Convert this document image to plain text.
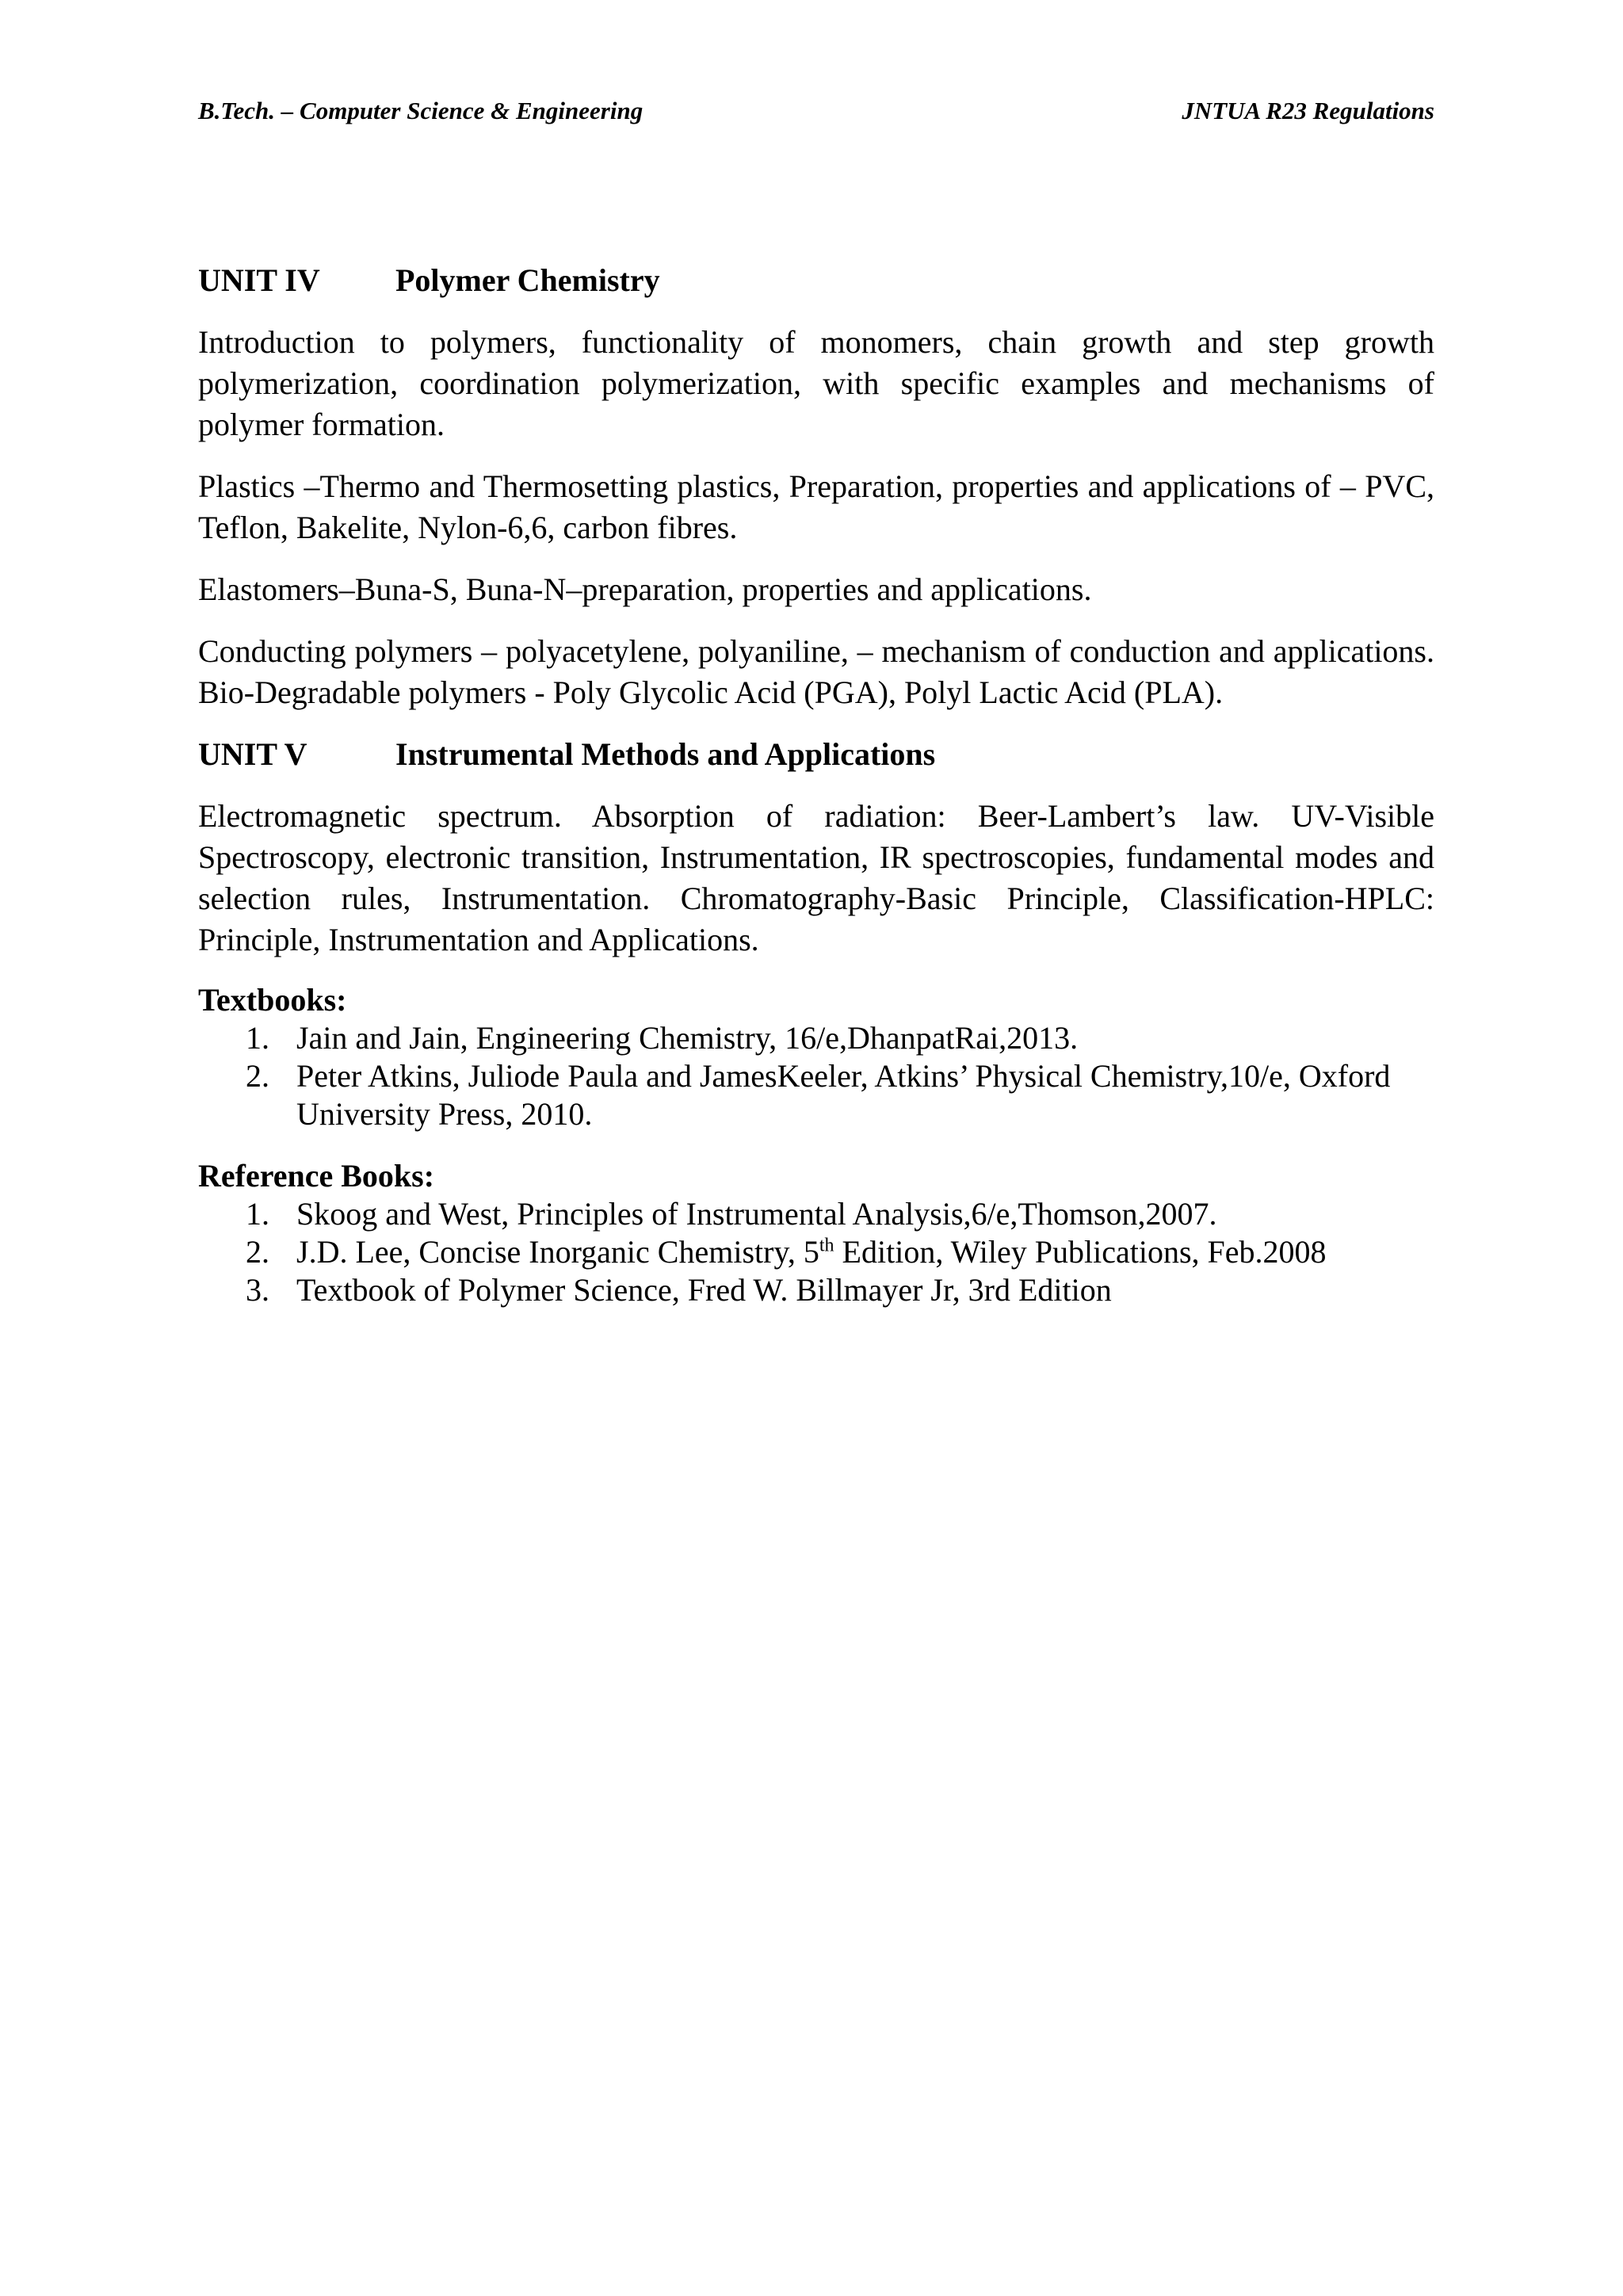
B.Tech. – Computer Science & Engineering	JNTUA R23 Regulations
UNIT IV Polymer Chemistry

Introduction to polymers, functionality of monomers, chain growth and step growth polymerization, coordination polymerization, with specific examples and mechanisms of polymer formation.

Plastics –Thermo and Thermosetting plastics, Preparation, properties and applications of – PVC, Teflon, Bakelite, Nylon-6,6, carbon fibres.

Elastomers–Buna-S, Buna-N–preparation, properties and applications.

Conducting polymers – polyacetylene, polyaniline, – mechanism of conduction and applications. Bio-Degradable polymers - Poly Glycolic Acid (PGA), Polyl Lactic Acid (PLA).

UNIT V	Instrumental Methods and Applications

Electromagnetic spectrum. Absorption of radiation: Beer-Lambert’s law. UV-Visible Spectroscopy, electronic transition, Instrumentation, IR spectroscopies, fundamental modes and selection rules, Instrumentation. Chromatography-Basic Principle, Classification-HPLC: Principle, Instrumentation and Applications.

Textbooks:
1. Jain and Jain, Engineering Chemistry, 16/e,DhanpatRai,2013.
2. Peter Atkins, Juliode Paula and JamesKeeler, Atkins’ Physical Chemistry,10/e, Oxford University Press, 2010.
Reference Books:
1. Skoog and West, Principles of Instrumental Analysis,6/e,Thomson,2007.
2. J.D. Lee, Concise Inorganic Chemistry, 5th Edition, Wiley Publications, Feb.2008
3. Textbook of Polymer Science, Fred W. Billmayer Jr, 3rd Edition
